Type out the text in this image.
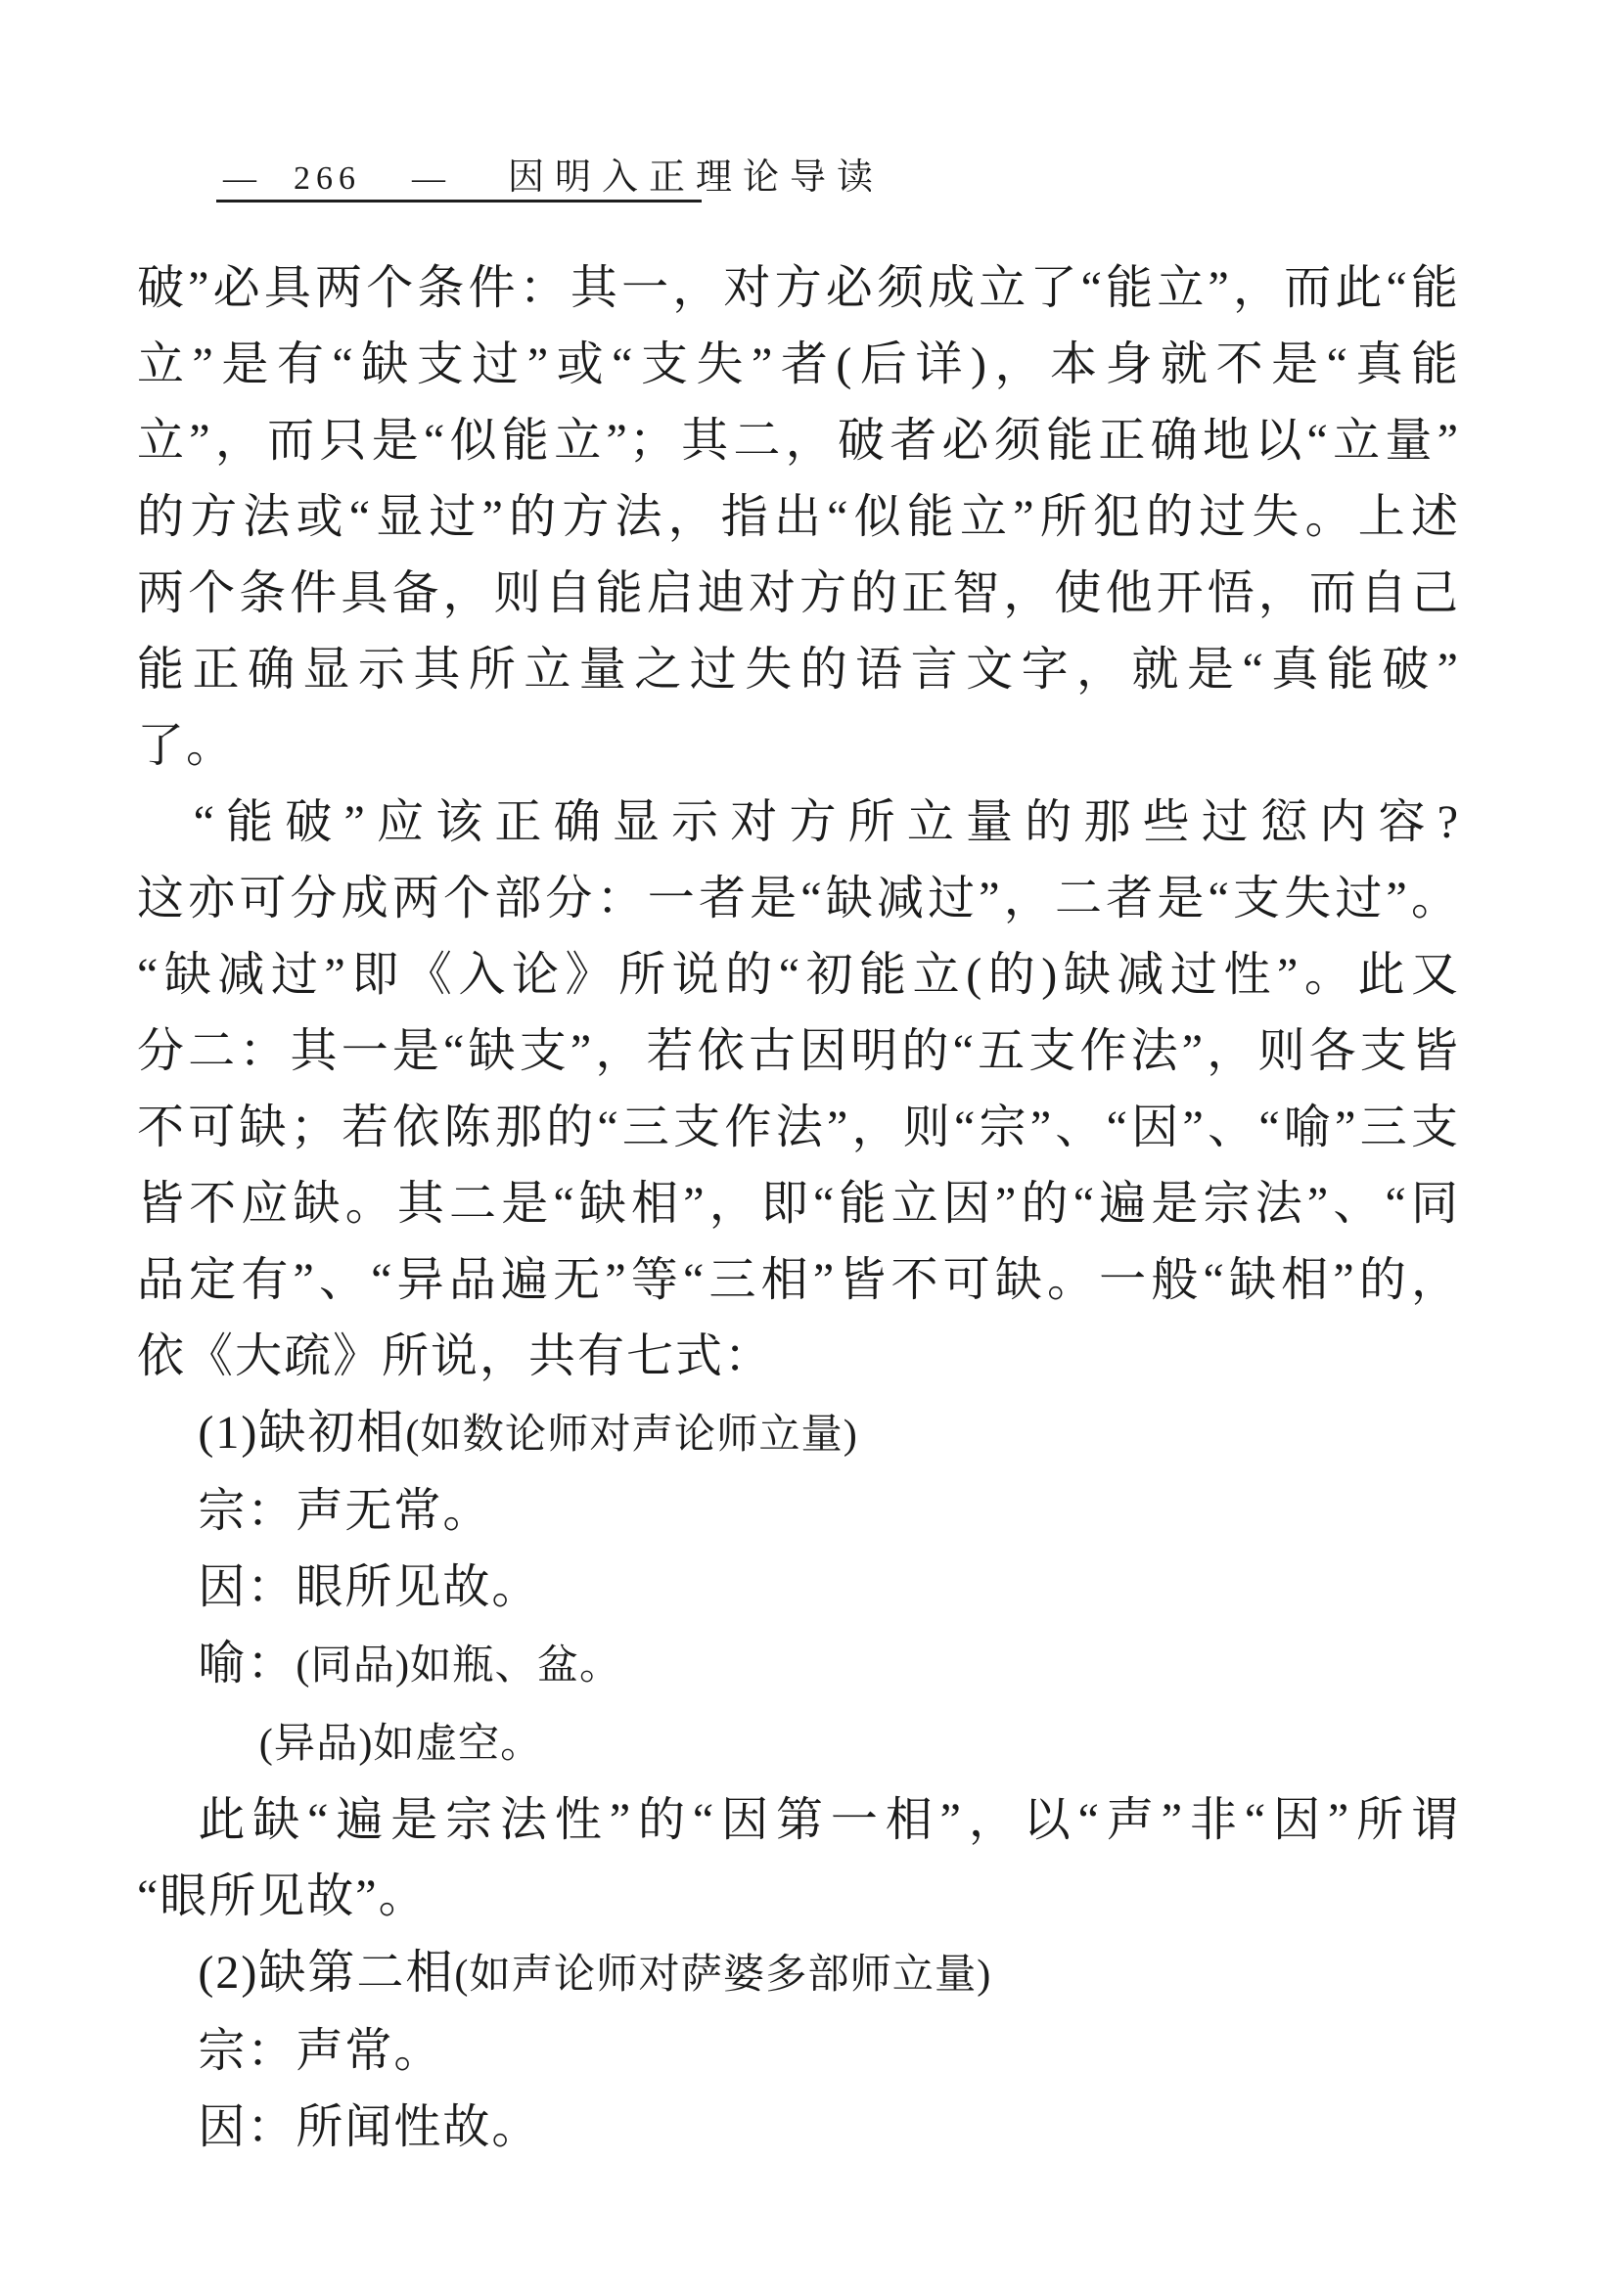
— 266 — 因明入正理论导读
破”必具两个条件：其一，对方必须成立了“能立”，而此“能
立”是有“缺支过”或“支失”者(后详)，本身就不是“真能
立”，而只是“似能立”；其二，破者必须能正确地以“立量”
的方法或“显过”的方法，指出“似能立”所犯的过失。上述
两个条件具备，则自能启迪对方的正智，使他开悟，而自己
能正确显示其所立量之过失的语言文字，就是“真能破”
了。
“能破”应该正确显示对方所立量的那些过愆内容?
这亦可分成两个部分：一者是“缺减过”，二者是“支失过”。
“缺减过”即《入论》所说的“初能立(的)缺减过性”。此又
分二：其一是“缺支”，若依古因明的“五支作法”，则各支皆
不可缺；若依陈那的“三支作法”，则“宗”、“因”、“喻”三支
皆不应缺。其二是“缺相”，即“能立因”的“遍是宗法”、“同
品定有”、“异品遍无”等“三相”皆不可缺。一般“缺相”的，
依《大疏》所说，共有七式：
(1)缺初相(如数论师对声论师立量)
宗：声无常。
因：眼所见故。
喻：(同品)如瓶、盆。
(异品)如虚空。
此缺“遍是宗法性”的“因第一相”，以“声”非“因”所谓
“眼所见故”。
(2)缺第二相(如声论师对萨婆多部师立量)
宗：声常。
因：所闻性故。
